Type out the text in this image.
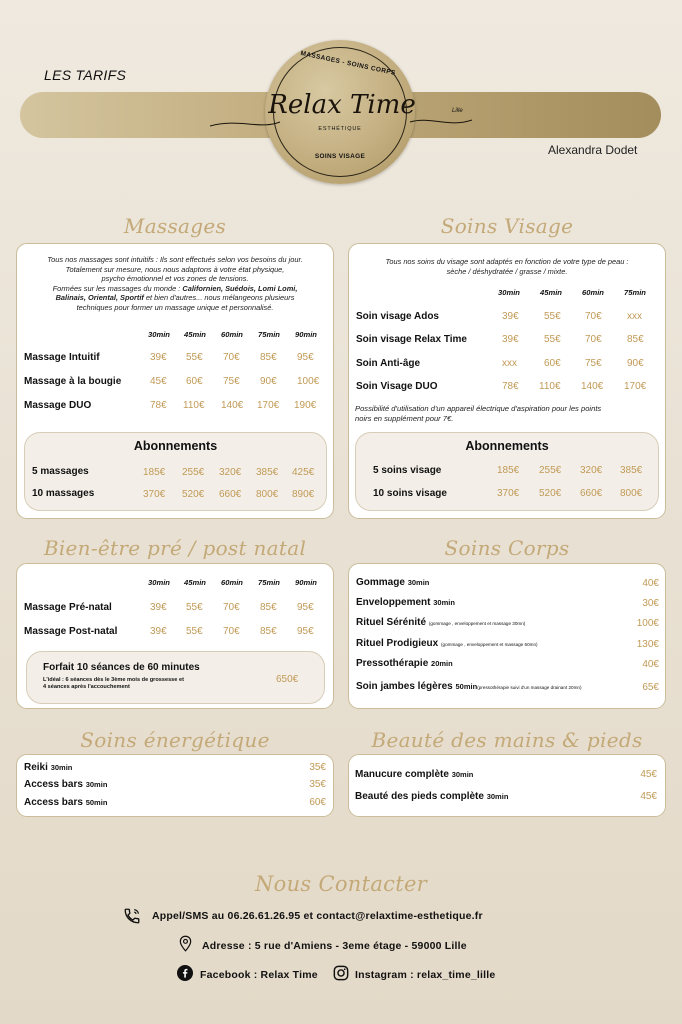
LES TARIFS	MASSAGES - SOINS CORPS
Relax Time
ESTHÉTIQUE
SOINS VISAGE
Lille
Alexandra Dodet
Massages	Soins Visage
Tous nos massages sont intuitifs : Ils sont effectués selon vos besoins du jour.
Totalement sur mesure, nous nous adaptons à votre état physique,
psycho émotionnel et vos zones de tensions.
Formées sur les massages du monde : Californien, Suédois, Lomi Lomi,
Balinais, Oriental, Sportif et bien d'autres... nous mélangeons plusieurs
techniques pour former un massage unique et personnalisé.
30min 45min 60min 75min 90min
Massage Intuitif	39€ 55€ 70€ 85€ 95€
Massage à la bougie	45€ 60€ 75€ 90€ 100€
Massage DUO	78€ 110€ 140€ 170€ 190€
Abonnements
5 massages	185€ 255€ 320€ 385€ 425€
10 massages	370€ 520€ 660€ 800€ 890€
Tous nos soins du visage sont adaptés en fonction de votre type de peau :
sèche / déshydratée / grasse / mixte.
30min	45min	60min	75min
Soin visage Ados	39€	55€ 70€	xxx
Soin visage Relax Time	39€	55€ 70€	85€
Soin Anti-âge	xxx	60€ 75€	90€
Soin Visage DUO	78€ 110€ 140€ 170€
Possibilité d'utilisation d'un appareil électrique d'aspiration pour les points
noirs en supplément pour 7€.
Abonnements
5 soins visage	185€ 255€ 320€ 385€
10 soins visage	370€ 520€ 660€ 800€
Bien-être pré / post natal	Soins Corps
30min 45min 60min 75min 90min
Massage Pré-natal	39€ 55€ 70€ 85€ 95€
Massage Post-natal	39€ 55€ 70€ 85€ 95€
Forfait 10 séances de 60 minutes
L'idéal : 6 séances dès le 3ème mois de grossesse et
4 séances après l'accouchement
650€
Gommage 30min	40€
Enveloppement 30min	30€
Rituel Sérénité (gommage , enveloppement et massage 30mn)	100€
Rituel Prodigieux (gommage , enveloppement et massage 60mn)	130€
Pressothérapie 20min	40€
Soin jambes légères 50min(pressothérapie suivi d'un massage drainant 20mn)	65€
Soins énergétique	Beauté des mains & pieds
Reiki 30min	35€
Access bars 30min	35€
Access bars 50min	60€
Manucure complète 30min	45€
Beauté des pieds complète 30min	45€
Nous Contacter
Appel/SMS au 06.26.61.26.95 et contact@relaxtime-esthetique.fr
Adresse : 5 rue d'Amiens - 3eme étage - 59000 Lille
Facebook : Relax Time	Instagram : relax_time_lille
